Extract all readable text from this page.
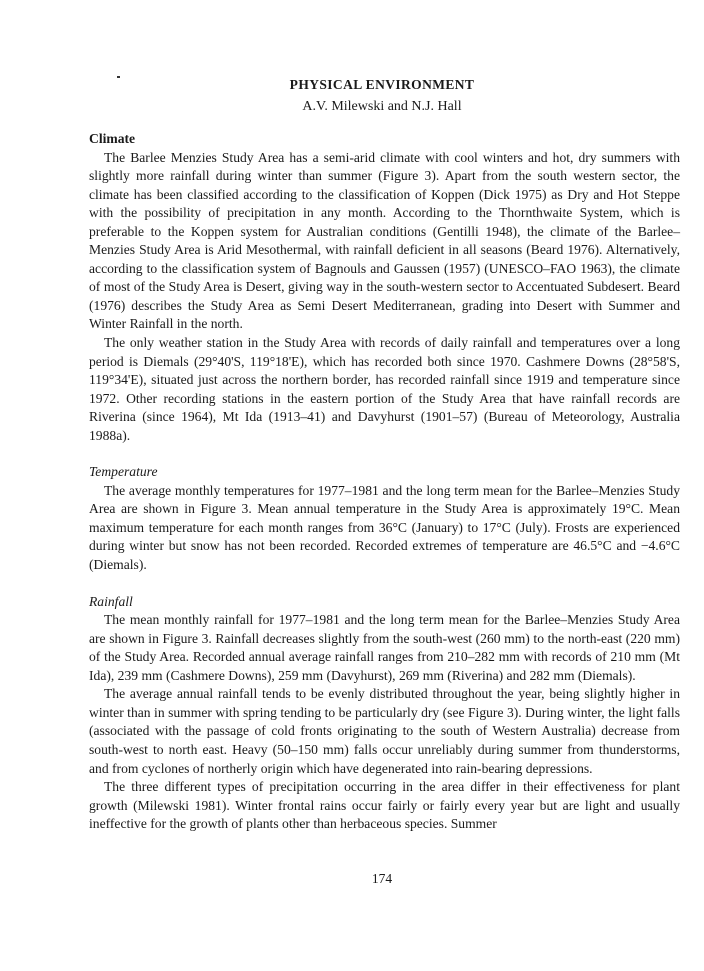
PHYSICAL ENVIRONMENT
A.V. Milewski and N.J. Hall

Climate

The Barlee Menzies Study Area has a semi-arid climate with cool winters and hot, dry summers with slightly more rainfall during winter than summer (Figure 3). Apart from the south western sector, the climate has been classified according to the classification of Koppen (Dick 1975) as Dry and Hot Steppe with the possibility of precipitation in any month. According to the Thornthwaite System, which is preferable to the Koppen system for Australian conditions (Gentilli 1948), the climate of the Barlee–Menzies Study Area is Arid Mesothermal, with rainfall deficient in all seasons (Beard 1976). Alternatively, according to the classification system of Bagnouls and Gaussen (1957) (UNESCO–FAO 1963), the climate of most of the Study Area is Desert, giving way in the south-western sector to Accentuated Subdesert. Beard (1976) describes the Study Area as Semi Desert Mediterranean, grading into Desert with Summer and Winter Rainfall in the north.

The only weather station in the Study Area with records of daily rainfall and temperatures over a long period is Diemals (29°40'S, 119°18'E), which has recorded both since 1970. Cashmere Downs (28°58'S, 119°34'E), situated just across the northern border, has recorded rainfall since 1919 and temperature since 1972. Other recording stations in the eastern portion of the Study Area that have rainfall records are Riverina (since 1964), Mt Ida (1913–41) and Davyhurst (1901–57) (Bureau of Meteorology, Australia 1988a).

Temperature

The average monthly temperatures for 1977–1981 and the long term mean for the Barlee–Menzies Study Area are shown in Figure 3. Mean annual temperature in the Study Area is approximately 19°C. Mean maximum temperature for each month ranges from 36°C (January) to 17°C (July). Frosts are experienced during winter but snow has not been recorded. Recorded extremes of temperature are 46.5°C and −4.6°C (Diemals).

Rainfall

The mean monthly rainfall for 1977–1981 and the long term mean for the Barlee–Menzies Study Area are shown in Figure 3. Rainfall decreases slightly from the south-west (260 mm) to the north-east (220 mm) of the Study Area. Recorded annual average rainfall ranges from 210–282 mm with records of 210 mm (Mt Ida), 239 mm (Cashmere Downs), 259 mm (Davyhurst), 269 mm (Riverina) and 282 mm (Diemals).

The average annual rainfall tends to be evenly distributed throughout the year, being slightly higher in winter than in summer with spring tending to be particularly dry (see Figure 3). During winter, the light falls (associated with the passage of cold fronts originating to the south of Western Australia) decrease from south-west to north east. Heavy (50–150 mm) falls occur unreliably during summer from thunderstorms, and from cyclones of northerly origin which have degenerated into rain-bearing depressions.

The three different types of precipitation occurring in the area differ in their effectiveness for plant growth (Milewski 1981). Winter frontal rains occur fairly or fairly every year but are light and usually ineffective for the growth of plants other than herbaceous species. Summer

174
